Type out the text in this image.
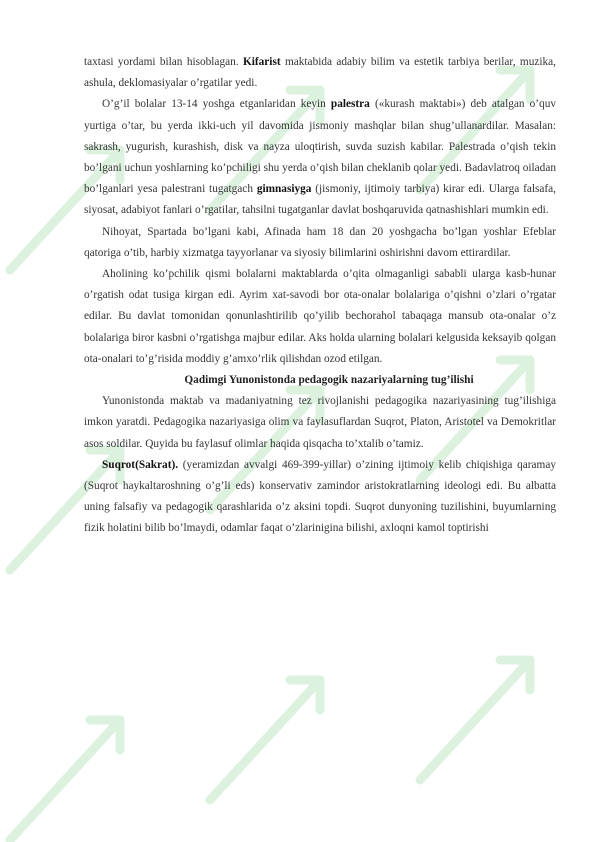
taxtasi yordami bilan hisoblagan. Kifarist maktabida adabiy bilim va estetik tarbiya berilar, muzika, ashula, deklomasiyalar o’rgatilar yedi.

O’g’il bolalar 13-14 yoshga etganlaridan keyin palestra («kurash maktabi») deb atalgan o’quv yurtiga o’tar, bu yerda ikki-uch yil davomida jismoniy mashqlar bilan shug’ullanardilar. Masalan: sakrash, yugurish, kurashish, disk va nayza uloqtirish, suvda suzish kabilar. Palestrada o’qish tekin bo’lgani uchun yoshlarning ko’pchiligi shu yerda o’qish bilan cheklanib qolar yedi. Badavlatroq oiladan bo’lganlari yesa palestrani tugatgach gimnasiyga (jismoniy, ijtimoiy tarbiya) kirar edi. Ularga falsafa, siyosat, adabiyot fanlari o’rgatilar, tahsilni tugatganlar davlat boshqaruvida qatnashishlari mumkin edi.

Nihoyat, Spartada bo’lgani kabi, Afinada ham 18 dan 20 yoshgacha bo’lgan yoshlar Efeblar qatoriga o’tib, harbiy xizmatga tayyorlanar va siyosiy bilimlarini oshirishni davom ettirardilar.

Aholining ko’pchilik qismi bolalarni maktablarda o’qita olmaganligi sababli ularga kasb-hunar o’rgatish odat tusiga kirgan edi. Ayrim xat-savodi bor ota-onalar bolalariga o’qishni o’zlari o’rgatar edilar. Bu davlat tomonidan qonunlashtirilib qo’yilib bechorahol tabaqaga mansub ota-onalar o’z bolalariga biror kasbni o’rgatishga majbur edilar. Aks holda ularning bolalari kelgusida keksayib qolgan ota-onalari to’g’risida moddiy g’amxo’rlik qilishdan ozod etilgan.

Qadimgi Yunonistonda pedagogik nazariyalarning tug’ilishi

Yunonistonda maktab va madaniyatning tez rivojlanishi pedagogika nazariyasining tug’ilishiga imkon yaratdi. Pedagogika nazariyasiga olim va faylasuflardan Suqrot, Platon, Aristotel va Demokritlar asos soldilar. Quyida bu faylasuf olimlar haqida qisqacha to’xtalib o’tamiz.

Suqrot(Sakrat). (yeramizdan avvalgi 469-399-yillar) o’zining ijtimoiy kelib chiqishiga qaramay (Suqrot haykaltaroshning o’g’li eds) konservativ zamindor aristokratlarning ideologi edi. Bu albatta uning falsafiy va pedagogik qarashlarida o’z aksini topdi. Suqrot dunyoning tuzilishini, buyumlarning fizik holatini bilib bo’lmaydi, odamlar faqat o’zlarinigina bilishi, axloqni kamol toptirishi
